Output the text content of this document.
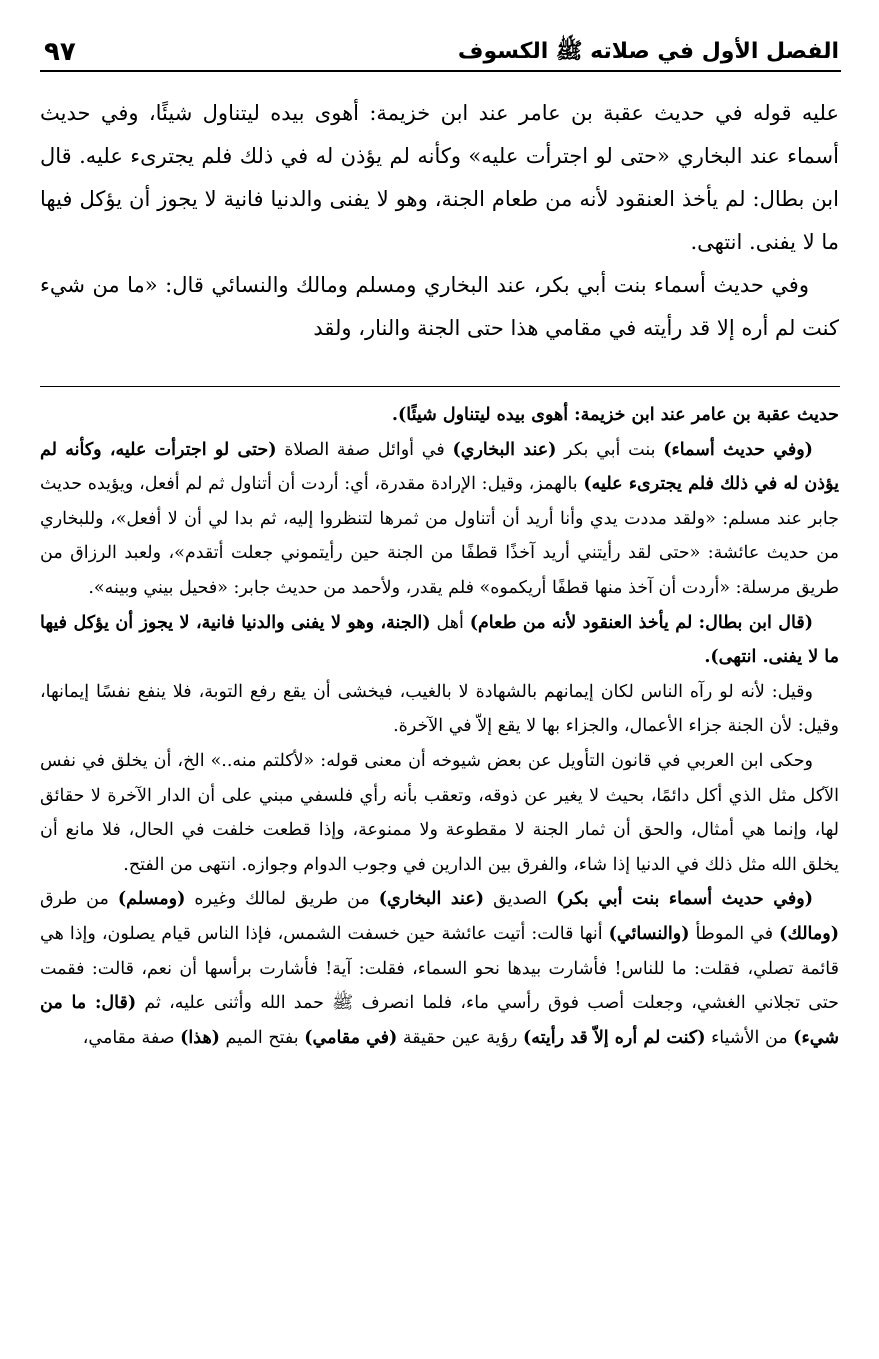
٩٧	الفصل الأول في صلاته ﷺ الكسوف

عليه قوله في حديث عقبة بن عامر عند ابن خزيمة: أهوى بيده ليتناول شيئًا، وفي حديث أسماء عند البخاري «حتى لو اجترأت عليه» وكأنه لم يؤذن له في ذلك فلم يجترىء عليه. قال ابن بطال: لم يأخذ العنقود لأنه من طعام الجنة، وهو لا يفنى والدنيا فانية لا يجوز أن يؤكل فيها ما لا يفنى. انتهى.

وفي حديث أسماء بنت أبي بكر، عند البخاري ومسلم ومالك والنسائي قال: «ما من شيء كنت لم أره إلا قد رأيته في مقامي هذا حتى الجنة والنار، ولقد

حديث عقبة بن عامر عند ابن خزيمة: أهوى بيده ليتناول شيئًا).

(وفي حديث أسماء) بنت أبي بكر (عند البخاري) في أوائل صفة الصلاة (حتى لو اجترأت عليه، وكأنه لم يؤذن له في ذلك فلم يجترىء عليه) بالهمز، وقيل: الإرادة مقدرة، أي: أردت أن أتناول ثم لم أفعل، ويؤيده حديث جابر عند مسلم: «ولقد مددت يدي وأنا أريد أن أتناول من ثمرها لتنظروا إليه، ثم بدا لي أن لا أفعل»، وللبخاري من حديث عائشة: «حتى لقد رأيتني أريد آخذًا قطفًا من الجنة حين رأيتموني جعلت أتقدم»، ولعبد الرزاق من طريق مرسلة: «أردت أن آخذ منها قطفًا أريكموه» فلم يقدر، ولأحمد من حديث جابر: «فحيل بيني وبينه».

(قال ابن بطال: لم يأخذ العنقود لأنه من طعام) أهل (الجنة، وهو لا يفنى والدنيا فانية، لا يجوز أن يؤكل فيها ما لا يفنى. انتهى).

وقيل: لأنه لو رآه الناس لكان إيمانهم بالشهادة لا بالغيب، فيخشى أن يقع رفع التوبة، فلا ينفع نفسًا إيمانها، وقيل: لأن الجنة جزاء الأعمال، والجزاء بها لا يقع إلاّ في الآخرة.

وحكى ابن العربي في قانون التأويل عن بعض شيوخه أن معنى قوله: «لأكلتم منه..» الخ، أن يخلق في نفس الآكل مثل الذي أكل دائمًا، بحيث لا يغير عن ذوقه، وتعقب بأنه رأي فلسفي مبني على أن الدار الآخرة لا حقائق لها، وإنما هي أمثال، والحق أن ثمار الجنة لا مقطوعة ولا ممنوعة، وإذا قطعت خلفت في الحال، فلا مانع أن يخلق الله مثل ذلك في الدنيا إذا شاء، والفرق بين الدارين في وجوب الدوام وجوازه. انتهى من الفتح.

(وفي حديث أسماء بنت أبي بكر) الصديق (عند البخاري) من طريق لمالك وغيره (ومسلم) من طرق (ومالك) في الموطأ (والنسائي) أنها قالت: أتيت عائشة حين خسفت الشمس، فإذا الناس قيام يصلون، وإذا هي قائمة تصلي، فقلت: ما للناس! فأشارت بيدها نحو السماء، فقلت: آية! فأشارت برأسها أن نعم، قالت: فقمت حتى تجلاني الغشي، وجعلت أصب فوق رأسي ماء، فلما انصرف ﷺ حمد الله وأثنى عليه، ثم (قال: ما من شيء) من الأشياء (كنت لم أره إلاّ قد رأيته) رؤية عين حقيقة (في مقامي) بفتح الميم (هذا) صفة مقامي،
